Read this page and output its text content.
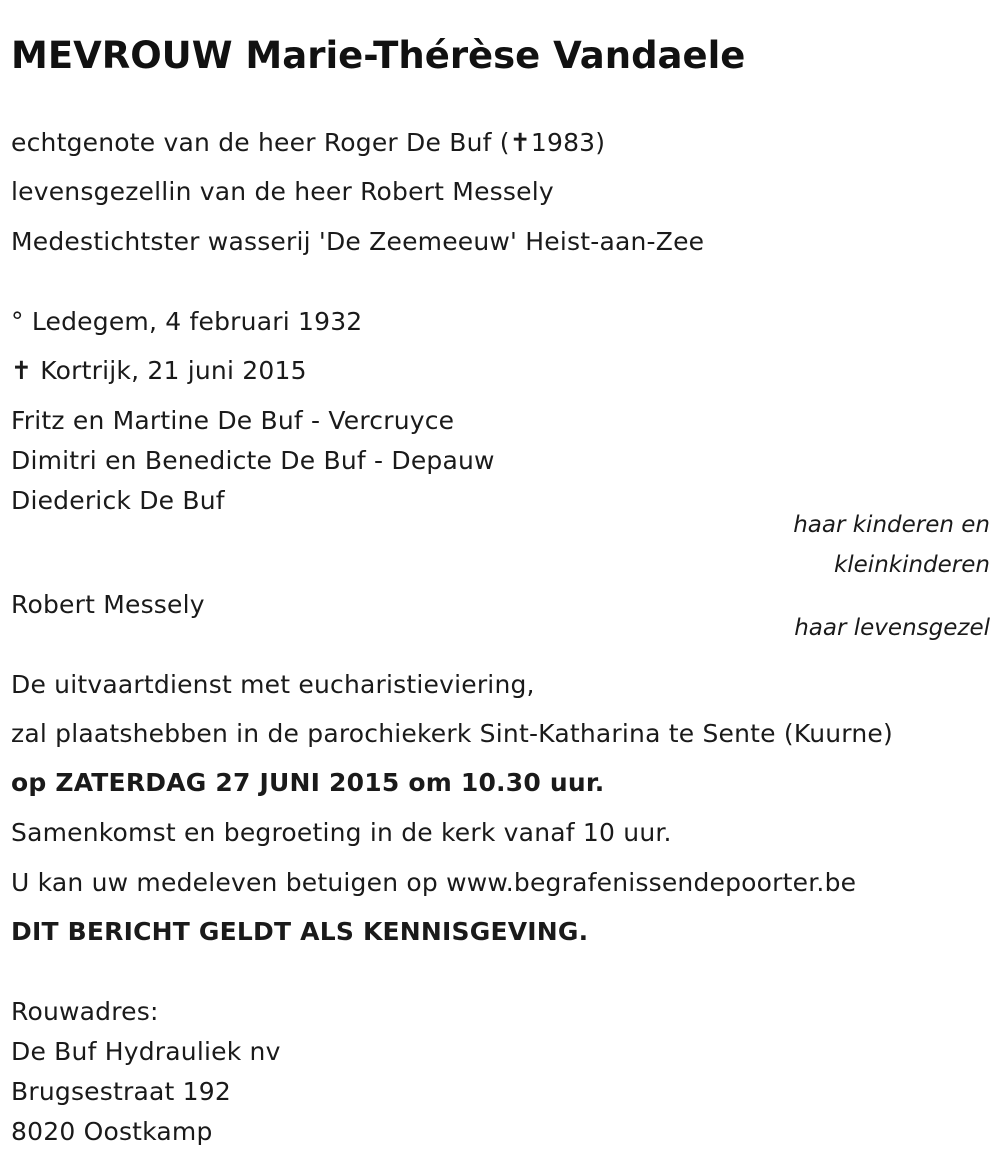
MEVROUW Marie-Thérèse Vandaele
echtgenote van de heer Roger De Buf (✝1983)
levensgezellin van de heer Robert Messely
Medestichtster wasserij 'De Zeemeeuw' Heist-aan-Zee
° Ledegem, 4 februari 1932
✝ Kortrijk, 21 juni 2015
Fritz en Martine De Buf - Vercruyce
Dimitri en Benedicte De Buf - Depauw
Diederick De Buf
haar kinderen en
kleinkinderen
Robert Messely
haar levensgezel
De uitvaartdienst met eucharistieviering,
zal plaatshebben in de parochiekerk Sint-Katharina te Sente (Kuurne)
op ZATERDAG 27 JUNI 2015 om 10.30 uur.
Samenkomst en begroeting in de kerk vanaf 10 uur.
U kan uw medeleven betuigen op www.begrafenissendepoorter.be
DIT BERICHT GELDT ALS KENNISGEVING.
Rouwadres:
De Buf Hydrauliek nv
Brugsestraat 192
8020 Oostkamp
